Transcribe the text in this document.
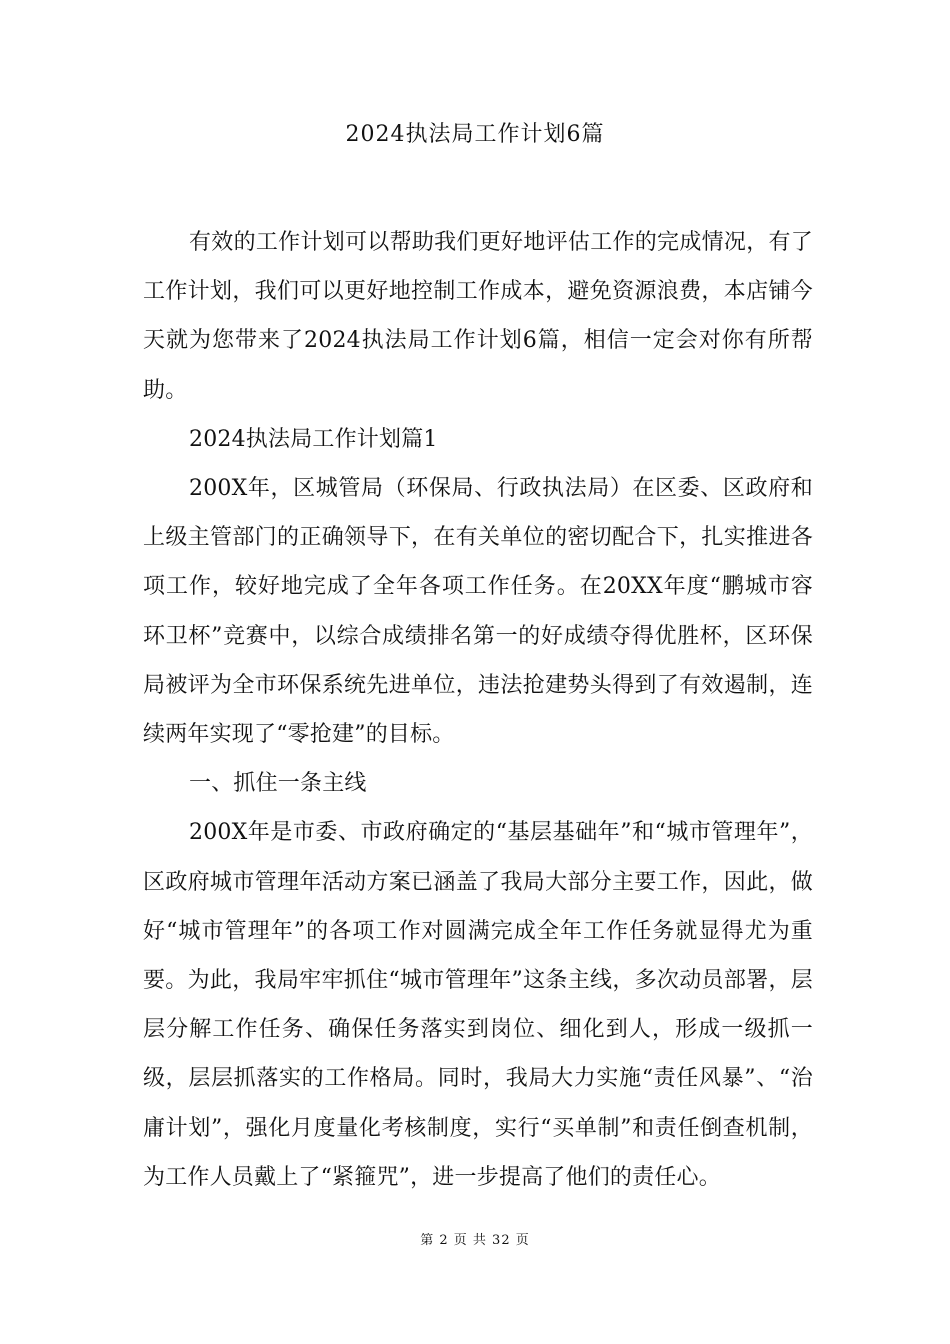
2024执法局工作计划6篇

有效的工作计划可以帮助我们更好地评估工作的完成情况，有了工作计划，我们可以更好地控制工作成本，避免资源浪费，本店铺今天就为您带来了2024执法局工作计划6篇，相信一定会对你有所帮助。

2024执法局工作计划篇1

200X年，区城管局（环保局、行政执法局）在区委、区政府和上级主管部门的正确领导下，在有关单位的密切配合下，扎实推进各项工作，较好地完成了全年各项工作任务。在20XX年度“鹏城市容环卫杯”竞赛中，以综合成绩排名第一的好成绩夺得优胜杯，区环保局被评为全市环保系统先进单位，违法抢建势头得到了有效遏制，连续两年实现了“零抢建”的目标。

一、抓住一条主线

200X年是市委、市政府确定的“基层基础年”和“城市管理年”，区政府城市管理年活动方案已涵盖了我局大部分主要工作，因此，做好“城市管理年”的各项工作对圆满完成全年工作任务就显得尤为重要。为此，我局牢牢抓住“城市管理年”这条主线，多次动员部署，层层分解工作任务、确保任务落实到岗位、细化到人，形成一级抓一级，层层抓落实的工作格局。同时，我局大力实施“责任风暴”、“治庸计划”，强化月度量化考核制度，实行“买单制”和责任倒查机制，为工作人员戴上了“紧箍咒”，进一步提高了他们的责任心。

第 2 页 共 32 页
